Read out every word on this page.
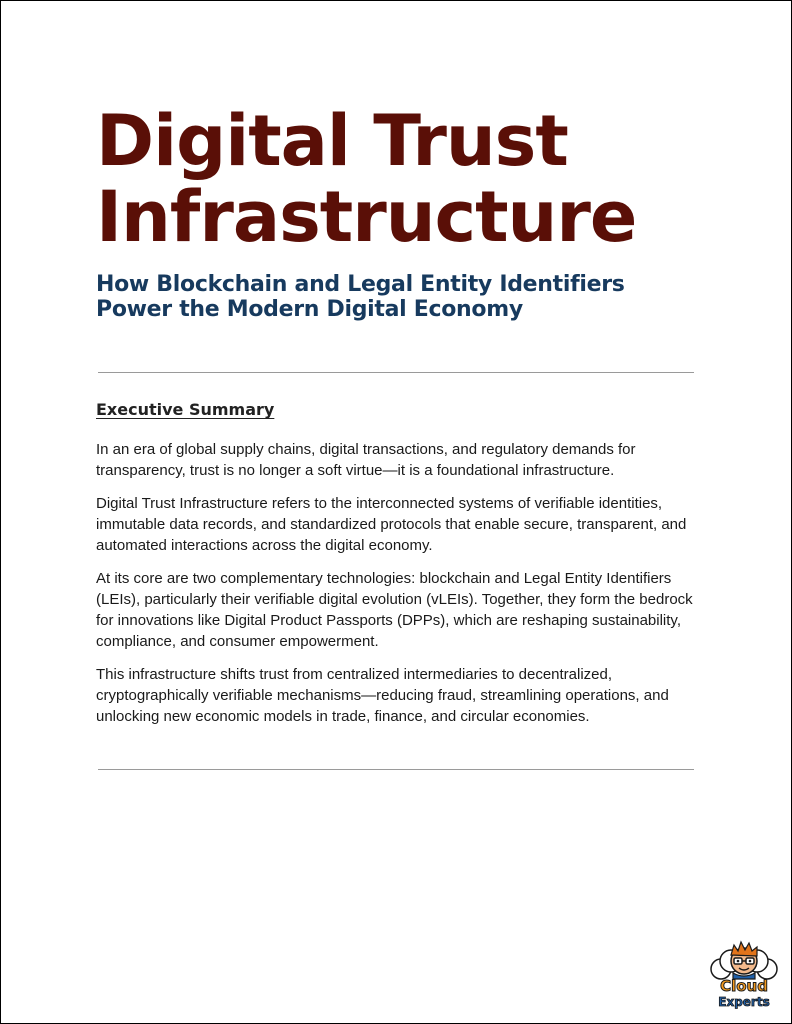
Digital Trust
Infrastructure
How Blockchain and Legal Entity Identifiers
Power the Modern Digital Economy
Executive Summary

In an era of global supply chains, digital transactions, and regulatory demands for transparency, trust is no longer a soft virtue—it is a foundational infrastructure.

Digital Trust Infrastructure refers to the interconnected systems of verifiable identities, immutable data records, and standardized protocols that enable secure, transparent, and automated interactions across the digital economy.

At its core are two complementary technologies: blockchain and Legal Entity Identifiers (LEIs), particularly their verifiable digital evolution (vLEIs). Together, they form the bedrock for innovations like Digital Product Passports (DPPs), which are reshaping sustainability, compliance, and consumer empowerment.

This infrastructure shifts trust from centralized intermediaries to decentralized, cryptographically verifiable mechanisms—reducing fraud, streamlining operations, and unlocking new economic models in trade, finance, and circular economies.

Cloud
Experts
